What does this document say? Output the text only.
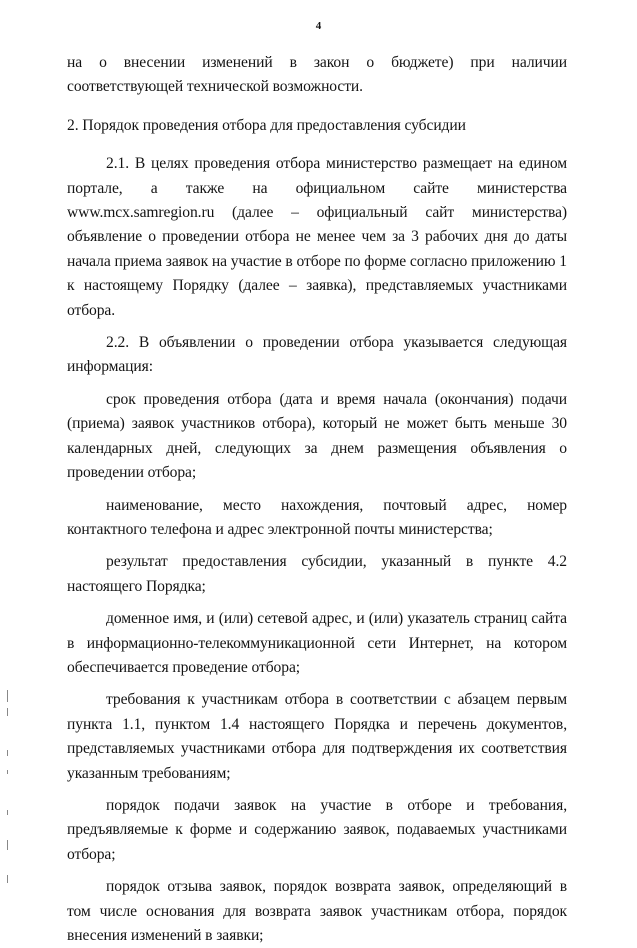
4

на о внесении изменений в закон о бюджете) при наличии соответствующей технической возможности.

2. Порядок проведения отбора для предоставления субсидии

2.1. В целях проведения отбора министерство размещает на едином портале, а также на официальном сайте министерства www.mcx.samregion.ru (далее – официальный сайт министерства) объявление о проведении отбора не менее чем за 3 рабочих дня до даты начала приема заявок на участие в отборе по форме согласно приложению 1 к настоящему Порядку (далее – заявка), представляемых участниками отбора.

2.2. В объявлении о проведении отбора указывается следующая информация:

срок проведения отбора (дата и время начала (окончания) подачи (приема) заявок участников отбора), который не может быть меньше 30 календарных дней, следующих за днем размещения объявления о проведении отбора;

наименование, место нахождения, почтовый адрес, номер контактного телефона и адрес электронной почты министерства;

результат предоставления субсидии, указанный в пункте 4.2 настоящего Порядка;

доменное имя, и (или) сетевой адрес, и (или) указатель страниц сайта в информационно-телекоммуникационной сети Интернет, на котором обеспечивается проведение отбора;

требования к участникам отбора в соответствии с абзацем первым пункта 1.1, пунктом 1.4 настоящего Порядка и перечень документов, представляемых участниками отбора для подтверждения их соответствия указанным требованиям;

порядок подачи заявок на участие в отборе и требования, предъявляемые к форме и содержанию заявок, подаваемых участниками отбора;

порядок отзыва заявок, порядок возврата заявок, определяющий в том числе основания для возврата заявок участникам отбора, порядок внесения изменений в заявки;
